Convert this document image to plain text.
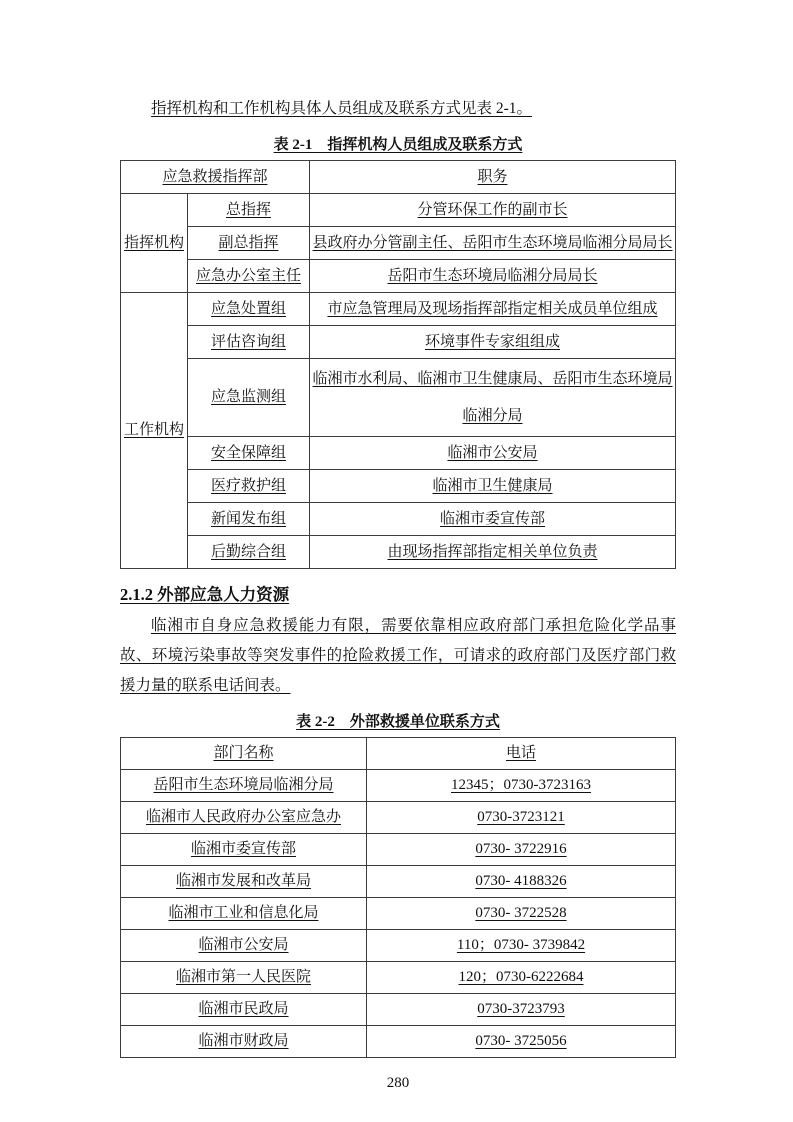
指挥机构和工作机构具体人员组成及联系方式见表 2-1。

表 2-1　指挥机构人员组成及联系方式

应急救援指挥部		职务
指挥机构	总指挥	分管环保工作的副市长
	副总指挥	县政府办分管副主任、岳阳市生态环境局临湘分局局长
	应急办公室主任	岳阳市生态环境局临湘分局局长
工作机构	应急处置组	市应急管理局及现场指挥部指定相关成员单位组成
	评估咨询组	环境事件专家组组成
	应急监测组	临湘市水利局、临湘市卫生健康局、岳阳市生态环境局临湘分局
	安全保障组	临湘市公安局
	医疗救护组	临湘市卫生健康局
	新闻发布组	临湘市委宣传部
	后勤综合组	由现场指挥部指定相关单位负责
2.1.2 外部应急人力资源

临湘市自身应急救援能力有限，需要依靠相应政府部门承担危险化学品事故、环境污染事故等突发事件的抢险救援工作，可请求的政府部门及医疗部门救援力量的联系电话间表。

表 2-2　外部救援单位联系方式

部门名称	电话
岳阳市生态环境局临湘分局	12345；0730-3723163
临湘市人民政府办公室应急办	0730-3723121
临湘市委宣传部	0730- 3722916
临湘市发展和改革局	0730- 4188326
临湘市工业和信息化局	0730- 3722528
临湘市公安局	110；0730- 3739842
临湘市第一人民医院	120；0730-6222684
临湘市民政局	0730-3723793
临湘市财政局	0730- 3725056
280
